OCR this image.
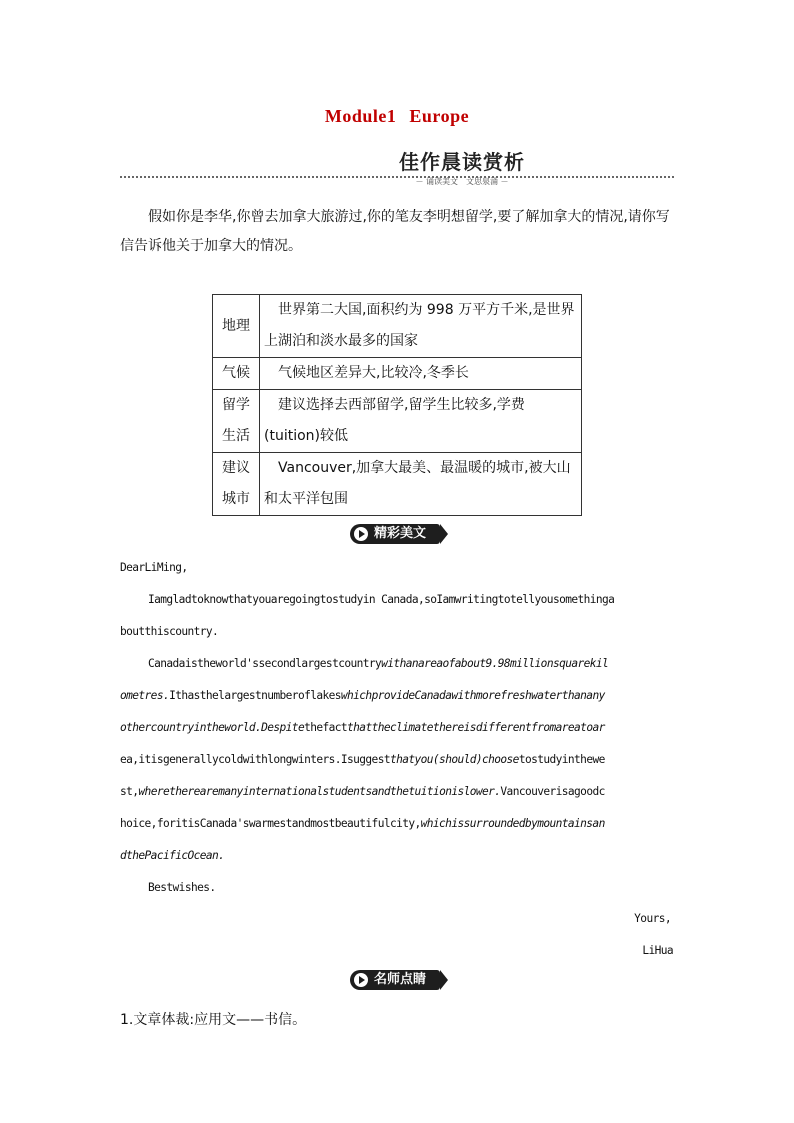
Module1 Europe
佳作晨读赏析
－ 诵读美文　文思泉涌 －
假如你是李华,你曾去加拿大旅游过,你的笔友李明想留学,要了解加拿大的情况,请你写信告诉他关于加拿大的情况。
地理	世界第二大国,面积约为 998 万平方千米,是世界上湖泊和淡水最多的国家
气候	气候地区差异大,比较冷,冬季长
留学生活	建议选择去西部留学,留学生比较多,学费(tuition)较低
建议城市	Vancouver,加拿大最美、最温暖的城市,被大山和太平洋包围
精彩美文
DearLiMing,
Iamgladtoknowthatyouaregoingtostudyin Canada,soIamwritingtotellyousomethinga
boutthiscountry.
Canadaistheworld'ssecondlargestcountrywithanareaofabout9.98millionsquarekil
ometres.IthasthelargestnumberoflakeswhichprovideCanadawithmorefreshwaterthanany
othercountryintheworld.Despitethefactthattheclimatethereisdifferentfromareatoar
ea,itisgenerallycoldwithlongwinters.Isuggestthatyou(should)choosetostudyinthewe
st,wheretherearemanyinternationalstudentsandthetuitionislower.Vancouverisagoodc
hoice,foritisCanada'swarmestandmostbeautifulcity,whichissurroundedbymountainsan
dthePacificOcean.
Bestwishes.
Yours,
LiHua
名师点睛
1.文章体裁:应用文——书信。
